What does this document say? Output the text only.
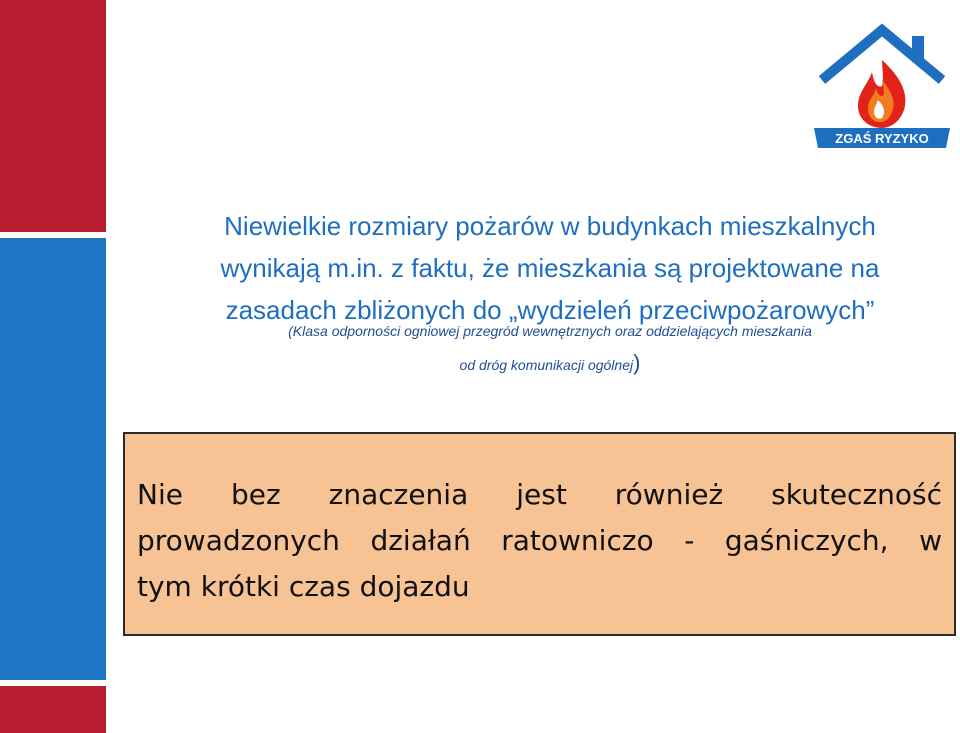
ZGAŚ RYZYKO
Niewielkie rozmiary pożarów w budynkach mieszkalnych
wynikają m.in. z faktu, że mieszkania są projektowane na
zasadach zbliżonych do „wydzieleń przeciwpożarowych”
(Klasa odporności ogniowej przegród wewnętrznych oraz oddzielających mieszkania
od dróg komunikacji ogólnej)
Nie bez znaczenia jest również skuteczność
prowadzonych działań ratowniczo - gaśniczych, w
tym krótki czas dojazdu
